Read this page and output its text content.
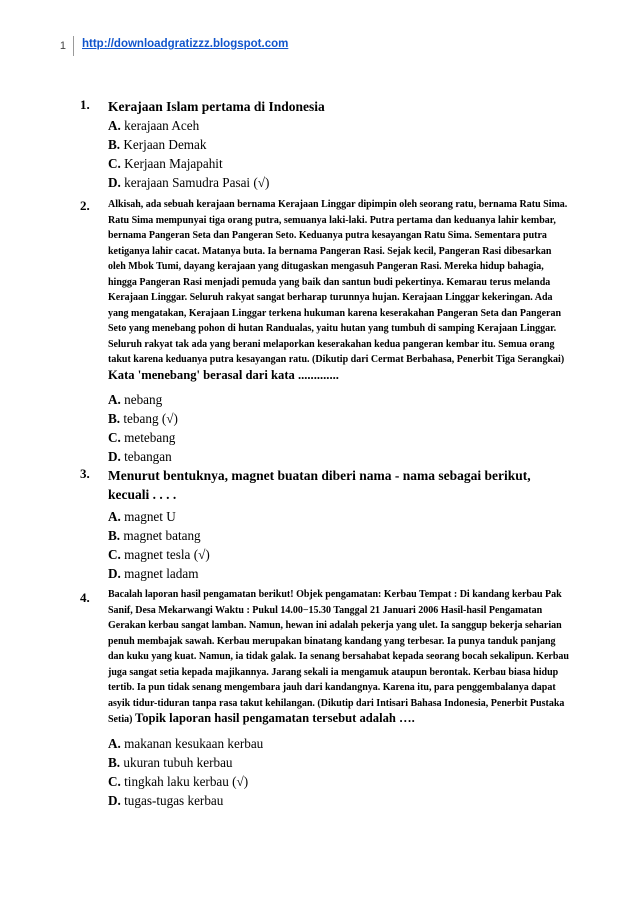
1	http://downloadgratizzz.blogspot.com
1. Kerajaan Islam pertama di Indonesia

A. kerajaan Aceh
B. Kerjaan Demak
C. Kerjaan Majapahit
D. kerajaan Samudra Pasai (√)
2. Alkisah, ada sebuah kerajaan bernama Kerajaan Linggar dipimpin oleh seorang ratu, bernama Ratu Sima. Ratu Sima mempunyai tiga orang putra, semuanya laki-laki. Putra pertama dan keduanya lahir kembar, bernama Pangeran Seta dan Pangeran Seto. Keduanya putra kesayangan Ratu Sima. Sementara putra ketiganya lahir cacat. Matanya buta. Ia bernama Pangeran Rasi. Sejak kecil, Pangeran Rasi dibesarkan oleh Mbok Tumi, dayang kerajaan yang ditugaskan mengasuh Pangeran Rasi. Mereka hidup bahagia, hingga Pangeran Rasi menjadi pemuda yang baik dan santun budi pekertinya. Kemarau terus melanda Kerajaan Linggar. Seluruh rakyat sangat berharap turunnya hujan. Kerajaan Linggar kekeringan. Ada yang mengatakan, Kerajaan Linggar terkena hukuman karena keserakahan Pangeran Seta dan Pangeran Seto yang menebang pohon di hutan Randualas, yaitu hutan yang tumbuh di samping Kerajaan Linggar. Seluruh rakyat tak ada yang berani melaporkan keserakahan kedua pangeran kembar itu. Semua orang takut karena keduanya putra kesayangan ratu. (Dikutip dari Cermat Berbahasa, Penerbit Tiga Serangkai) Kata 'menebang' berasal dari kata .............

A. nebang
B. tebang (√)
C. metebang
D. tebangan
3. Menurut bentuknya, magnet buatan diberi nama - nama sebagai berikut, kecuali . . . .

A. magnet U
B. magnet batang
C. magnet tesla (√)
D. magnet ladam
4. Bacalah laporan hasil pengamatan berikut! Objek pengamatan: Kerbau Tempat : Di kandang kerbau Pak Sanif, Desa Mekarwangi Waktu : Pukul 14.00−15.30 Tanggal 21 Januari 2006 Hasil-hasil Pengamatan Gerakan kerbau sangat lamban. Namun, hewan ini adalah pekerja yang ulet. Ia sanggup bekerja seharian penuh membajak sawah. Kerbau merupakan binatang kandang yang terbesar. Ia punya tanduk panjang dan kuku yang kuat. Namun, ia tidak galak. Ia senang bersahabat kepada seorang bocah sekalipun. Kerbau juga sangat setia kepada majikannya. Jarang sekali ia mengamuk ataupun berontak. Kerbau biasa hidup tertib. Ia pun tidak senang mengembara jauh dari kandangnya. Karena itu, para penggembalanya dapat asyik tidur-tiduran tanpa rasa takut kehilangan. (Dikutip dari Intisari Bahasa Indonesia, Penerbit Pustaka Setia) Topik laporan hasil pengamatan tersebut adalah ….

A. makanan kesukaan kerbau
B. ukuran tubuh kerbau
C. tingkah laku kerbau (√)
D. tugas-tugas kerbau
